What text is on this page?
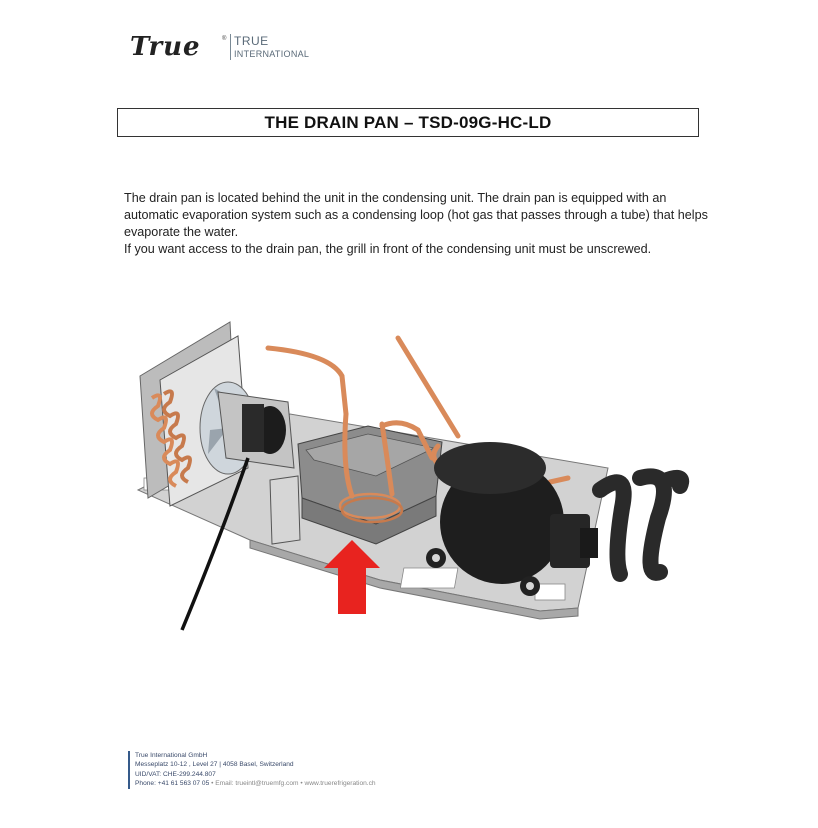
True	® TRUE
INTERNATIONAL
THE DRAIN PAN – TSD-09G-HC-LD

The drain pan is located behind the unit in the condensing unit. The drain pan is equipped with an automatic evaporation system such as a condensing loop (hot gas that passes through a tube) that helps evaporate the water.

If you want access to the drain pan, the grill in front of the condensing unit must be unscrewed.

True International GmbH
Messeplatz 10-12 , Level 27 | 4058 Basel, Switzerland
UID/VAT: CHE-299.244.807
Phone: +41 61 563 07 05 • Email: trueintl@truemfg.com • www.truerefrigeration.ch
